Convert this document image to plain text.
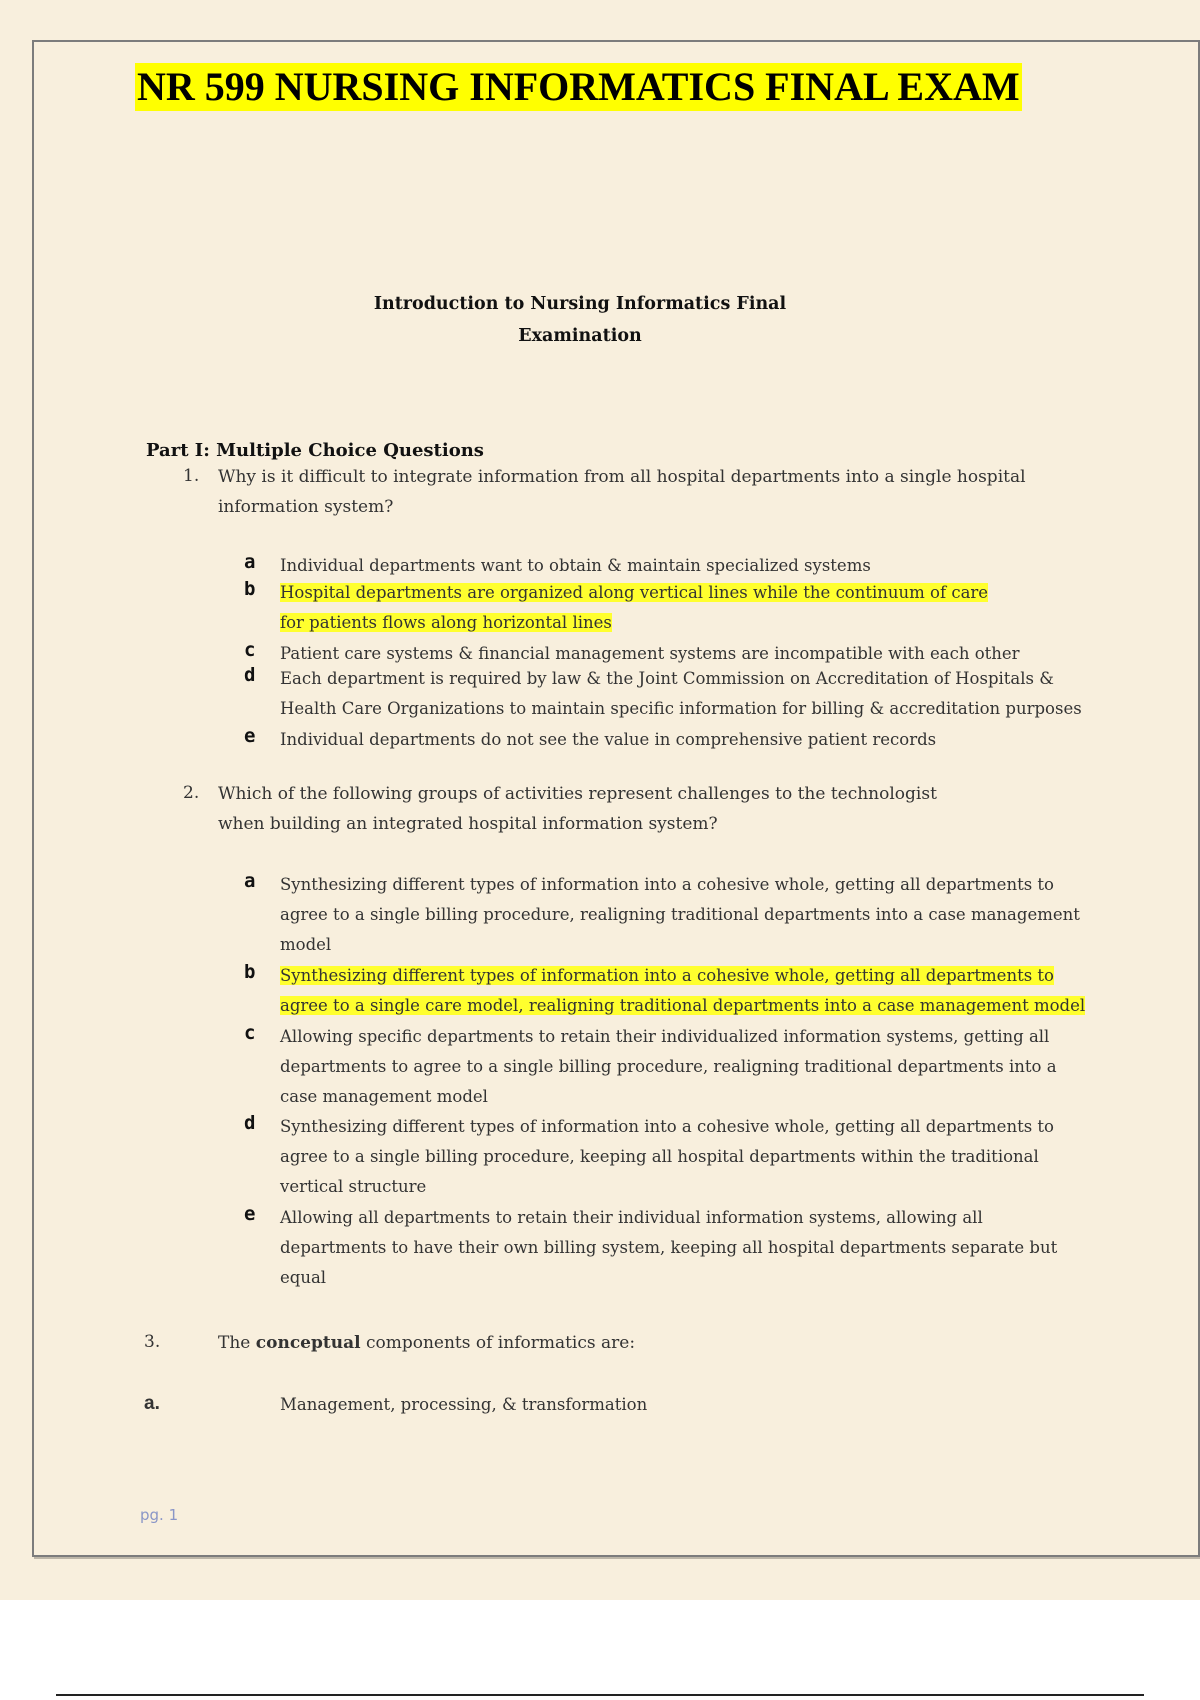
NR 599 NURSING INFORMATICS FINAL EXAM
Introduction to Nursing Informatics Final
Examination
Part I: Multiple Choice Questions
1. Why is it difficult to integrate information from all hospital departments into a single hospital information system?
a Individual departments want to obtain & maintain specialized systems
b Hospital departments are organized along vertical lines while the continuum of care for patients flows along horizontal lines
c Patient care systems & financial management systems are incompatible with each other
d Each department is required by law & the Joint Commission on Accreditation of Hospitals & Health Care Organizations to maintain specific information for billing & accreditation purposes
e Individual departments do not see the value in comprehensive patient records
2. Which of the following groups of activities represent challenges to the technologist when building an integrated hospital information system?
a Synthesizing different types of information into a cohesive whole, getting all departments to agree to a single billing procedure, realigning traditional departments into a case management model
b Synthesizing different types of information into a cohesive whole, getting all departments to agree to a single care model, realigning traditional departments into a case management model
c Allowing specific departments to retain their individualized information systems, getting all departments to agree to a single billing procedure, realigning traditional departments into a case management model
d Synthesizing different types of information into a cohesive whole, getting all departments to agree to a single billing procedure, keeping all hospital departments within the traditional vertical structure
e Allowing all departments to retain their individual information systems, allowing all departments to have their own billing system, keeping all hospital departments separate but equal
3.	The conceptual components of informatics are:
a.	Management, processing, & transformation
pg. 1
